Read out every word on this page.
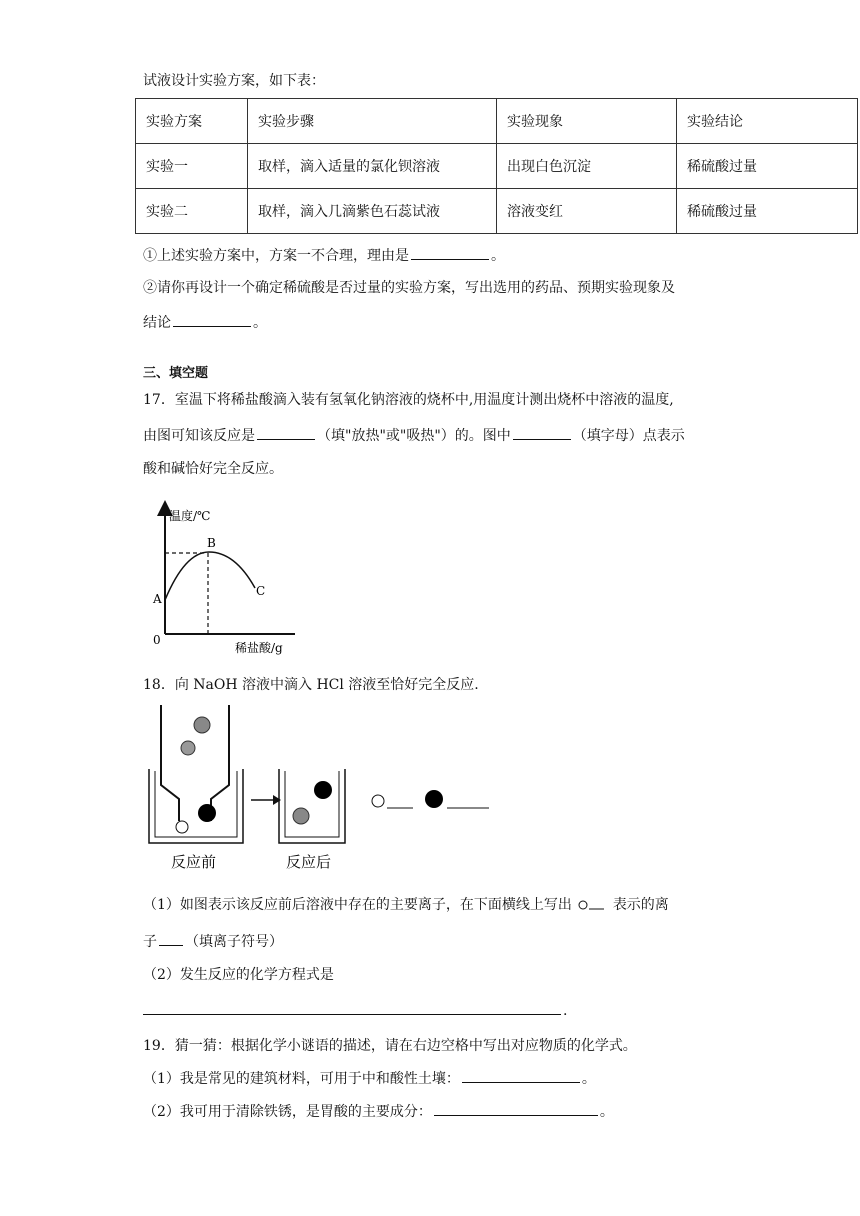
试液设计实验方案，如下表：
实验方案	实验步骤	实验现象	实验结论
实验一	取样，滴入适量的氯化钡溶液	出现白色沉淀	稀硫酸过量
实验二	取样，滴入几滴紫色石蕊试液	溶液变红	稀硫酸过量
①上述实验方案中，方案一不合理，理由是	。
②请你再设计一个确定稀硫酸是否过量的实验方案，写出选用的药品、预期实验现象及
结论	。
三、填空题
17．室温下将稀盐酸滴入装有氢氧化钠溶液的烧杯中,用温度计测出烧杯中溶液的温度,
由图可知该反应是	（填"放热"或"吸热"）的。图中	（填字母）点表示
酸和碱恰好完全反应。
温度/℃
稀盐酸/g
0
A
B
C
18．向 NaOH 溶液中滴入 HCl 溶液至恰好完全反应.
反应前	反应后
（1）如图表示该反应前后溶液中存在的主要离子，在下面横线上写出	表示的离
子 （填离子符号）
（2）发生反应的化学方程式是
.
19．猜一猜：根据化学小谜语的描述，请在右边空格中写出对应物质的化学式。
（1）我是常见的建筑材料，可用于中和酸性土壤：	。
（2）我可用于清除铁锈，是胃酸的主要成分：	。
